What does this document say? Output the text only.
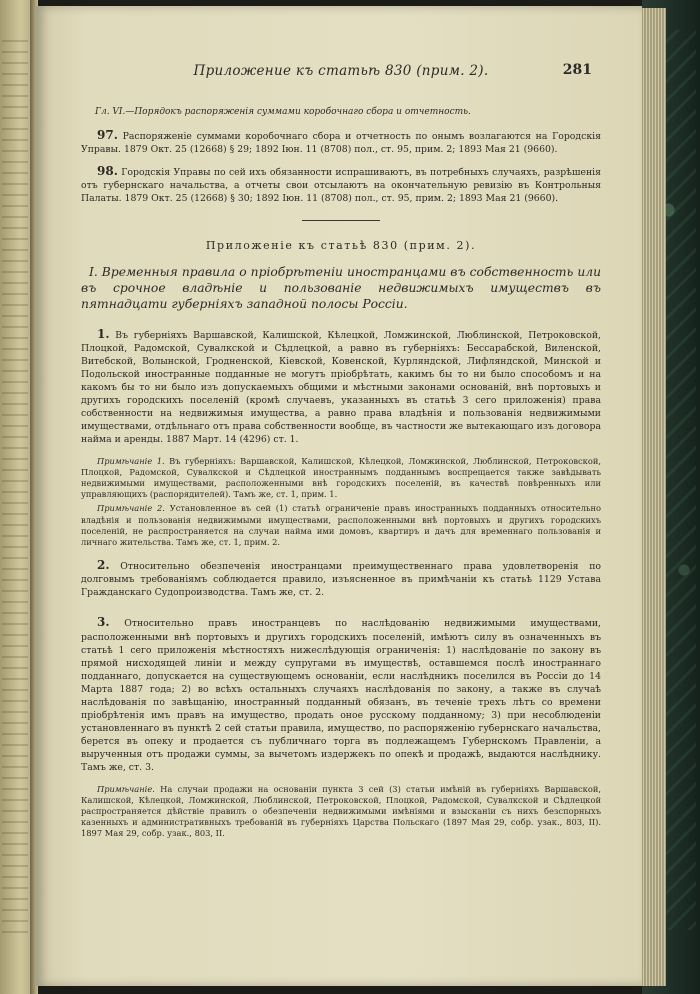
Приложение къ статьѣ 830 (прим. 2).	281

Гл. VI.—Порядокъ распоряженія суммами коробочнаго сбора и отчетность.

97. Распоряженіе суммами коробочнаго сбора и отчетность по онымъ возлагаются на Городскія Управы. 1879 Окт. 25 (12668) § 29; 1892 Іюн. 11 (8708) пол., ст. 95, прим. 2; 1893 Мая 21 (9660).

98. Городскія Управы по сей ихъ обязанности испрашиваютъ, въ потребныхъ случаяхъ, разрѣшенія отъ губернскаго начальства, а отчеты свои отсылаютъ на окончательную ревизію въ Контрольныя Палаты. 1879 Окт. 25 (12668) § 30; 1892 Іюн. 11 (8708) пол., ст. 95, прим. 2; 1893 Мая 21 (9660).

Приложеніе къ статьѣ 830 (прим. 2).

I. Временныя правила о пріобрѣтеніи иностранцами въ собственность или въ срочное владѣніе и пользованіе недвижимыхъ имуществъ въ пятнадцати губерніяхъ западной полосы Россіи.

1. Въ губерніяхъ Варшавской, Калишской, Кѣлецкой, Ломжинской, Люблинской, Петроковской, Плоцкой, Радомской, Сувалкской и Сѣдлецкой, а равно въ губерніяхъ: Бессарабской, Виленской, Витебской, Волынской, Гродненской, Кіевской, Ковенской, Курляндской, Лифляндской, Минской и Подольской иностранные подданные не могутъ пріобрѣтать, какимъ бы то ни было способомъ и на какомъ бы то ни было изъ допускаемыхъ общими и мѣстными законами основаній, внѣ портовыхъ и другихъ городскихъ поселеній (кромѣ случаевъ, указанныхъ въ статьѣ 3 сего приложенія) права собственности на недвижимыя имущества, а равно права владѣнія и пользованія недвижимыми имуществами, отдѣльнаго отъ права собственности вообще, въ частности же вытекающаго изъ договора найма и аренды. 1887 Март. 14 (4296) ст. 1.

Примѣчаніе 1. Въ губерніяхъ: Варшавской, Калишской, Кѣлецкой, Ломжинской, Люблинской, Петроковской, Плоцкой, Радомской, Сувалкской и Сѣдлецкой иностраннымъ подданнымъ воспрещается также завѣдывать недвижимыми имуществами, расположенными внѣ городскихъ поселеній, въ качествѣ повѣренныхъ или управляющихъ (распорядителей). Тамъ же, ст. 1, прим. 1.

Примѣчаніе 2. Установленное въ сей (1) статьѣ ограниченіе правъ иностранныхъ подданныхъ относительно владѣнія и пользованія недвижимыми имуществами, расположенными внѣ портовыхъ и другихъ городскихъ поселеній, не распространяется на случаи найма ими домовъ, квартиръ и дачъ для временнаго пользованія и личнаго жительства. Тамъ же, ст. 1, прим. 2.

2. Относительно обезпеченія иностранцами преимущественнаго права удовлетворенія по долговымъ требованіямъ соблюдается правило, изъясненное въ примѣчаніи къ статьѣ 1129 Устава Гражданскаго Судопроизводства. Тамъ же, ст. 2.

3. Относительно правъ иностранцевъ по наслѣдованію недвижимыми имуществами, расположенными внѣ портовыхъ и другихъ городскихъ поселеній, имѣютъ силу въ означенныхъ въ статьѣ 1 сего приложенія мѣстностяхъ нижеслѣдующія ограниченія: 1) наслѣдованіе по закону въ прямой нисходящей линіи и между супругами въ имуществѣ, оставшемся послѣ иностраннаго подданнаго, допускается на существующемъ основаніи, если наслѣдникъ поселился въ Россіи до 14 Марта 1887 года; 2) во всѣхъ остальныхъ случаяхъ наслѣдованія по закону, а также въ случаѣ наслѣдованія по завѣщанію, иностранный подданный обязанъ, въ теченіе трехъ лѣтъ со времени пріобрѣтенія имъ правъ на имущество, продать оное русскому подданному; 3) при несоблюденіи установленнаго въ пунктѣ 2 сей статьи правила, имущество, по распоряженію губернскаго начальства, берется въ опеку и продается съ публичнаго торга въ подлежащемъ Губернскомъ Правленіи, а вырученныя отъ продажи суммы, за вычетомъ издержекъ по опекѣ и продажѣ, выдаются наслѣднику. Тамъ же, ст. 3.

Примѣчаніе. На случаи продажи на основаніи пункта 3 сей (3) статьи имѣній въ губерніяхъ Варшавской, Калишской, Кѣлецкой, Ломжинской, Люблинской, Петроковской, Плоцкой, Радомской, Сувалкской и Сѣдлецкой распространяется дѣйствіе правилъ о обезпеченіи недвижимыми имѣніями и взысканіи съ нихъ безспорныхъ казенныхъ и административныхъ требованій въ губерніяхъ Царства Польскаго (1897 Мая 29, собр. узак., 803, II). 1897 Мая 29, собр. узак., 803, II.
